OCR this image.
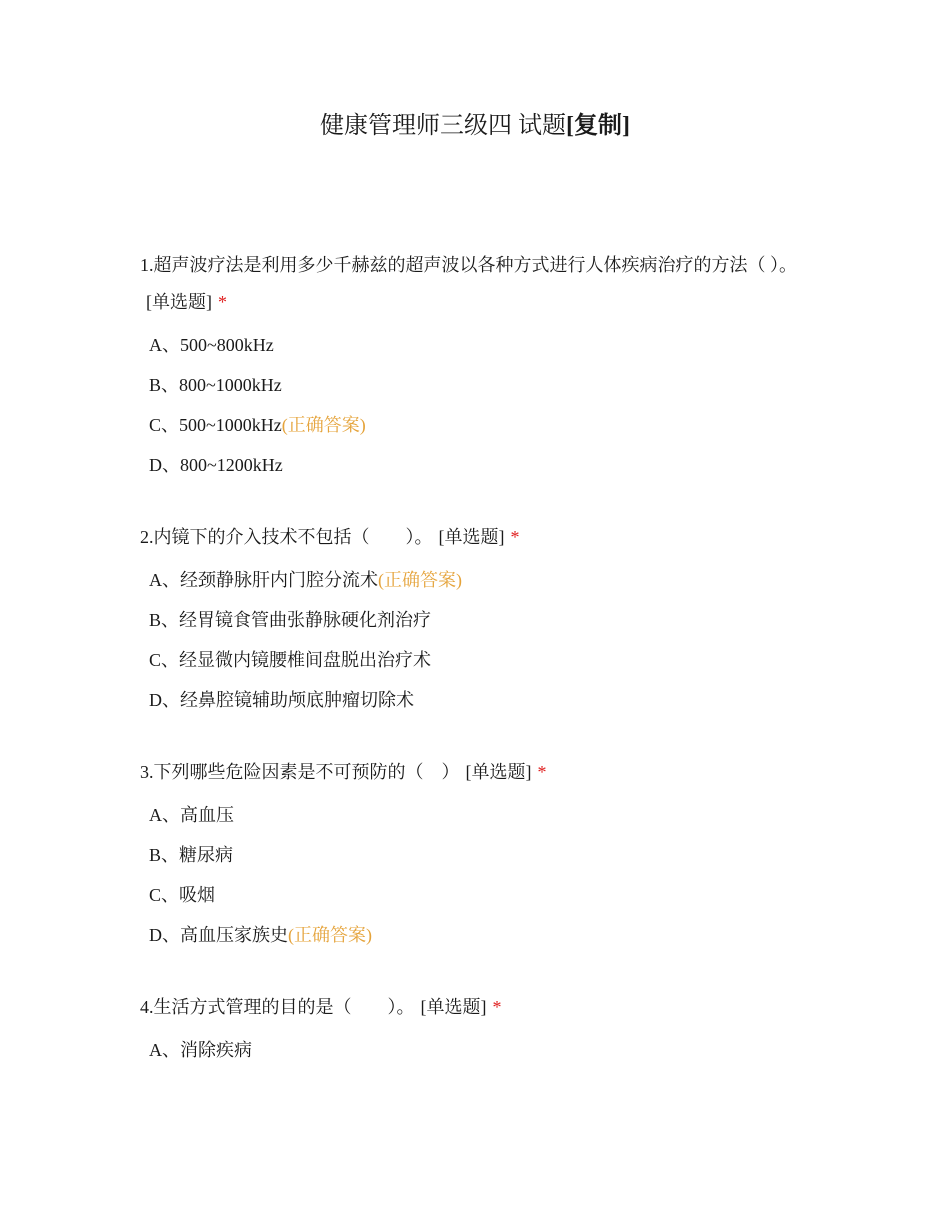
健康管理师三级四 试题[复制]
1.超声波疗法是利用多少千赫兹的超声波以各种方式进行人体疾病治疗的方法（ ）。[单选题] *
A、500~800kHz
B、800~1000kHz
C、500~1000kHz(正确答案)
D、800~1200kHz
2.内镜下的介入技术不包括（　　）。 [单选题] *
A、经颈静脉肝内门腔分流术(正确答案)
B、经胃镜食管曲张静脉硬化剂治疗
C、经显微内镜腰椎间盘脱出治疗术
D、经鼻腔镜辅助颅底肿瘤切除术
3.下列哪些危险因素是不可预防的（　） [单选题] *
A、高血压
B、糖尿病
C、吸烟
D、高血压家族史(正确答案)
4.生活方式管理的目的是（　　）。 [单选题] *
A、消除疾病
